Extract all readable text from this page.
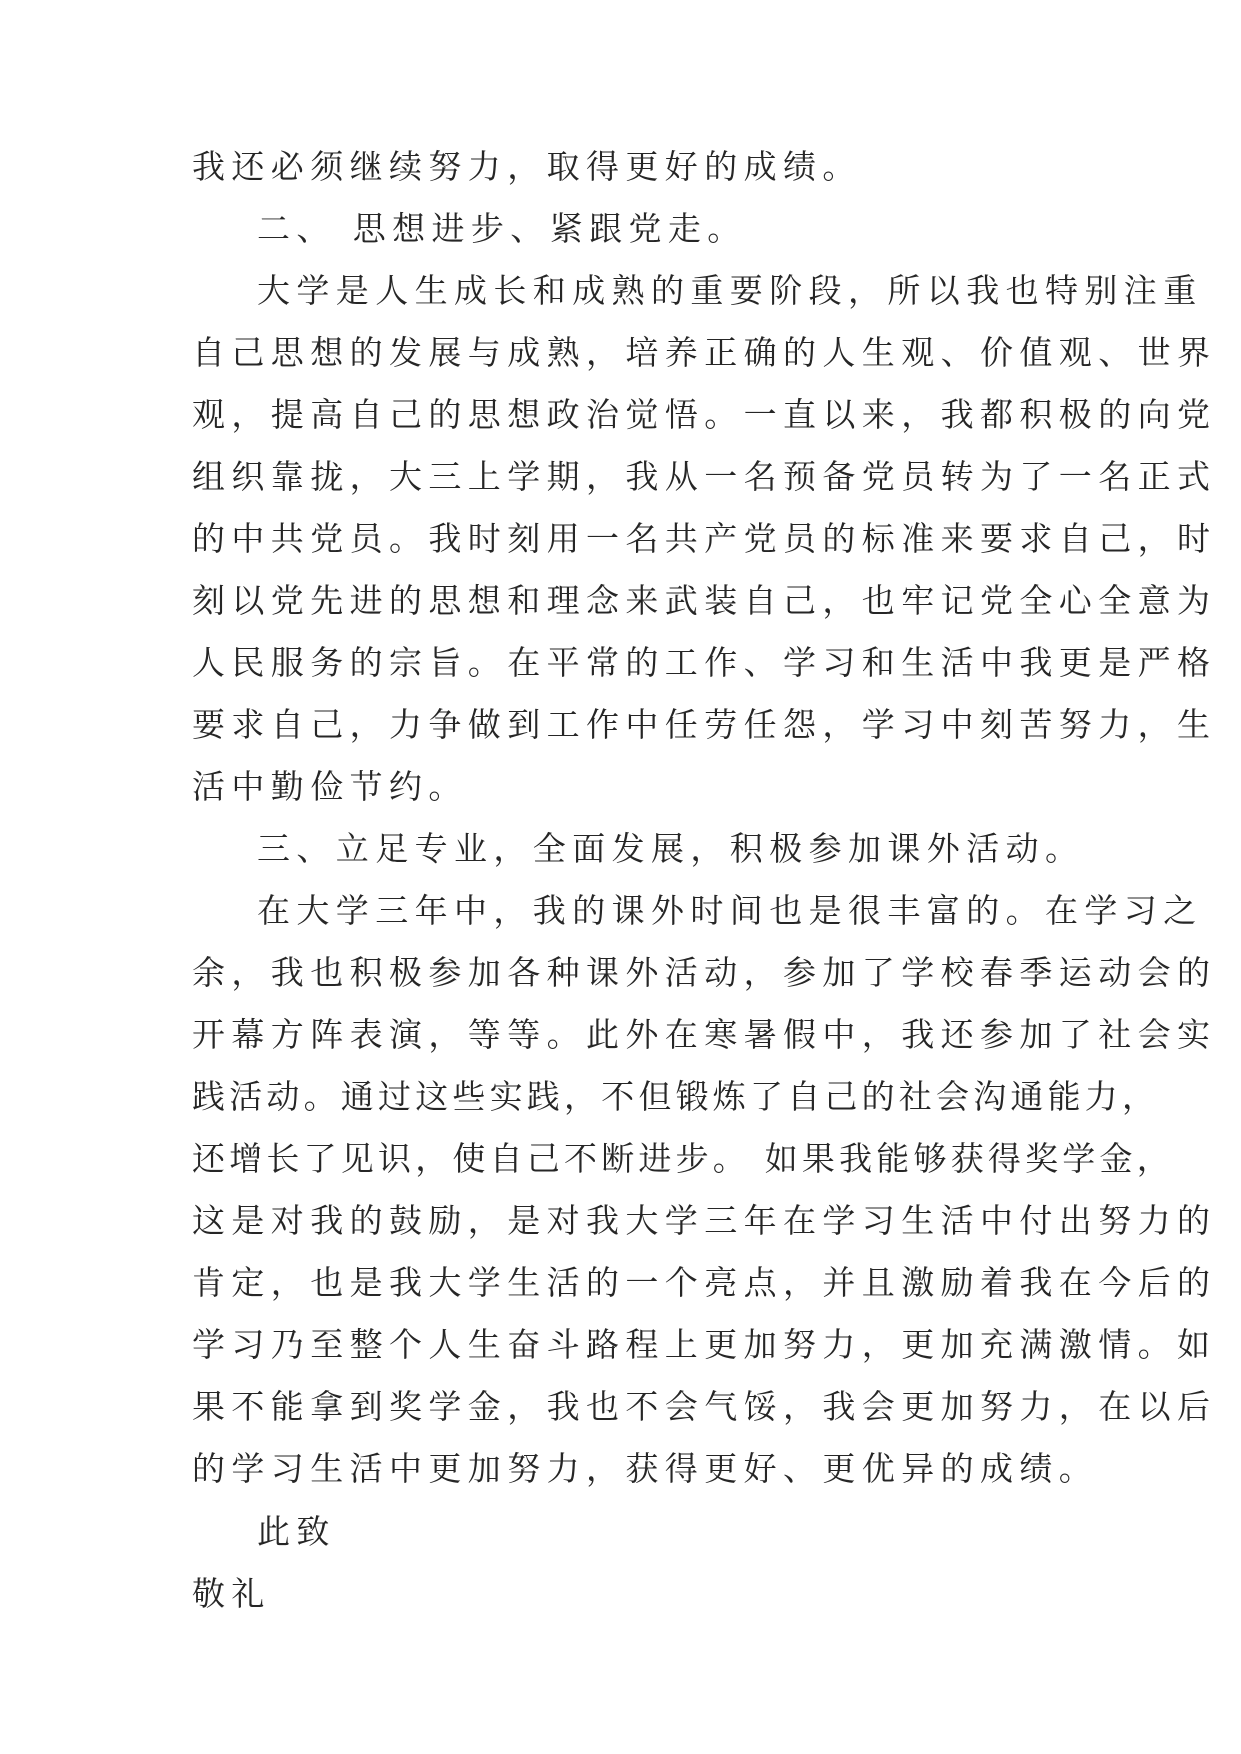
我还必须继续努力，取得更好的成绩。
二、 思想进步、紧跟党走。
大学是人生成长和成熟的重要阶段，所以我也特别注重
自己思想的发展与成熟，培养正确的人生观、价值观、世界
观，提高自己的思想政治觉悟。一直以来，我都积极的向党
组织靠拢，大三上学期，我从一名预备党员转为了一名正式
的中共党员。我时刻用一名共产党员的标准来要求自己，时
刻以党先进的思想和理念来武装自己，也牢记党全心全意为
人民服务的宗旨。在平常的工作、学习和生活中我更是严格
要求自己，力争做到工作中任劳任怨，学习中刻苦努力，生
活中勤俭节约。
三、立足专业，全面发展，积极参加课外活动。
在大学三年中，我的课外时间也是很丰富的。在学习之
余，我也积极参加各种课外活动，参加了学校春季运动会的
开幕方阵表演，等等。此外在寒暑假中，我还参加了社会实
践活动。通过这些实践，不但锻炼了自己的社会沟通能力，
还增长了见识，使自己不断进步。 如果我能够获得奖学金，
这是对我的鼓励，是对我大学三年在学习生活中付出努力的
肯定，也是我大学生活的一个亮点，并且激励着我在今后的
学习乃至整个人生奋斗路程上更加努力，更加充满激情。如
果不能拿到奖学金，我也不会气馁，我会更加努力，在以后
的学习生活中更加努力，获得更好、更优异的成绩。
此致
敬礼
